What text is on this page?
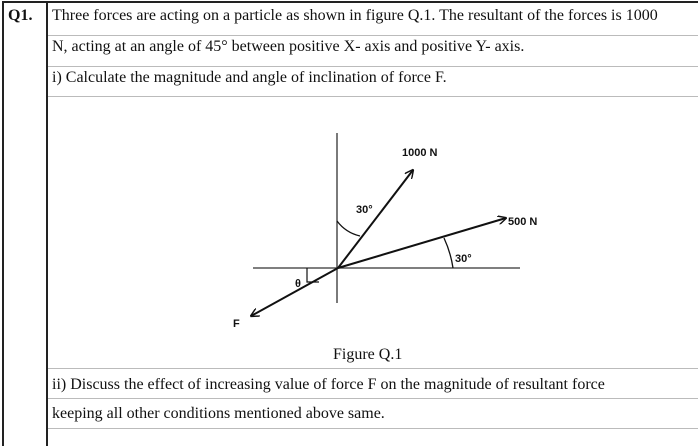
Q1. Three forces are acting on a particle as shown in figure Q.1. The resultant of the forces is 1000
N, acting at an angle of 45° between positive X- axis and positive Y- axis.
i) Calculate the magnitude and angle of inclination of force F.
1000 N
500 N
F
30°
30°
θ
Figure Q.1
ii) Discuss the effect of increasing value of force F on the magnitude of resultant force
keeping all other conditions mentioned above same.
